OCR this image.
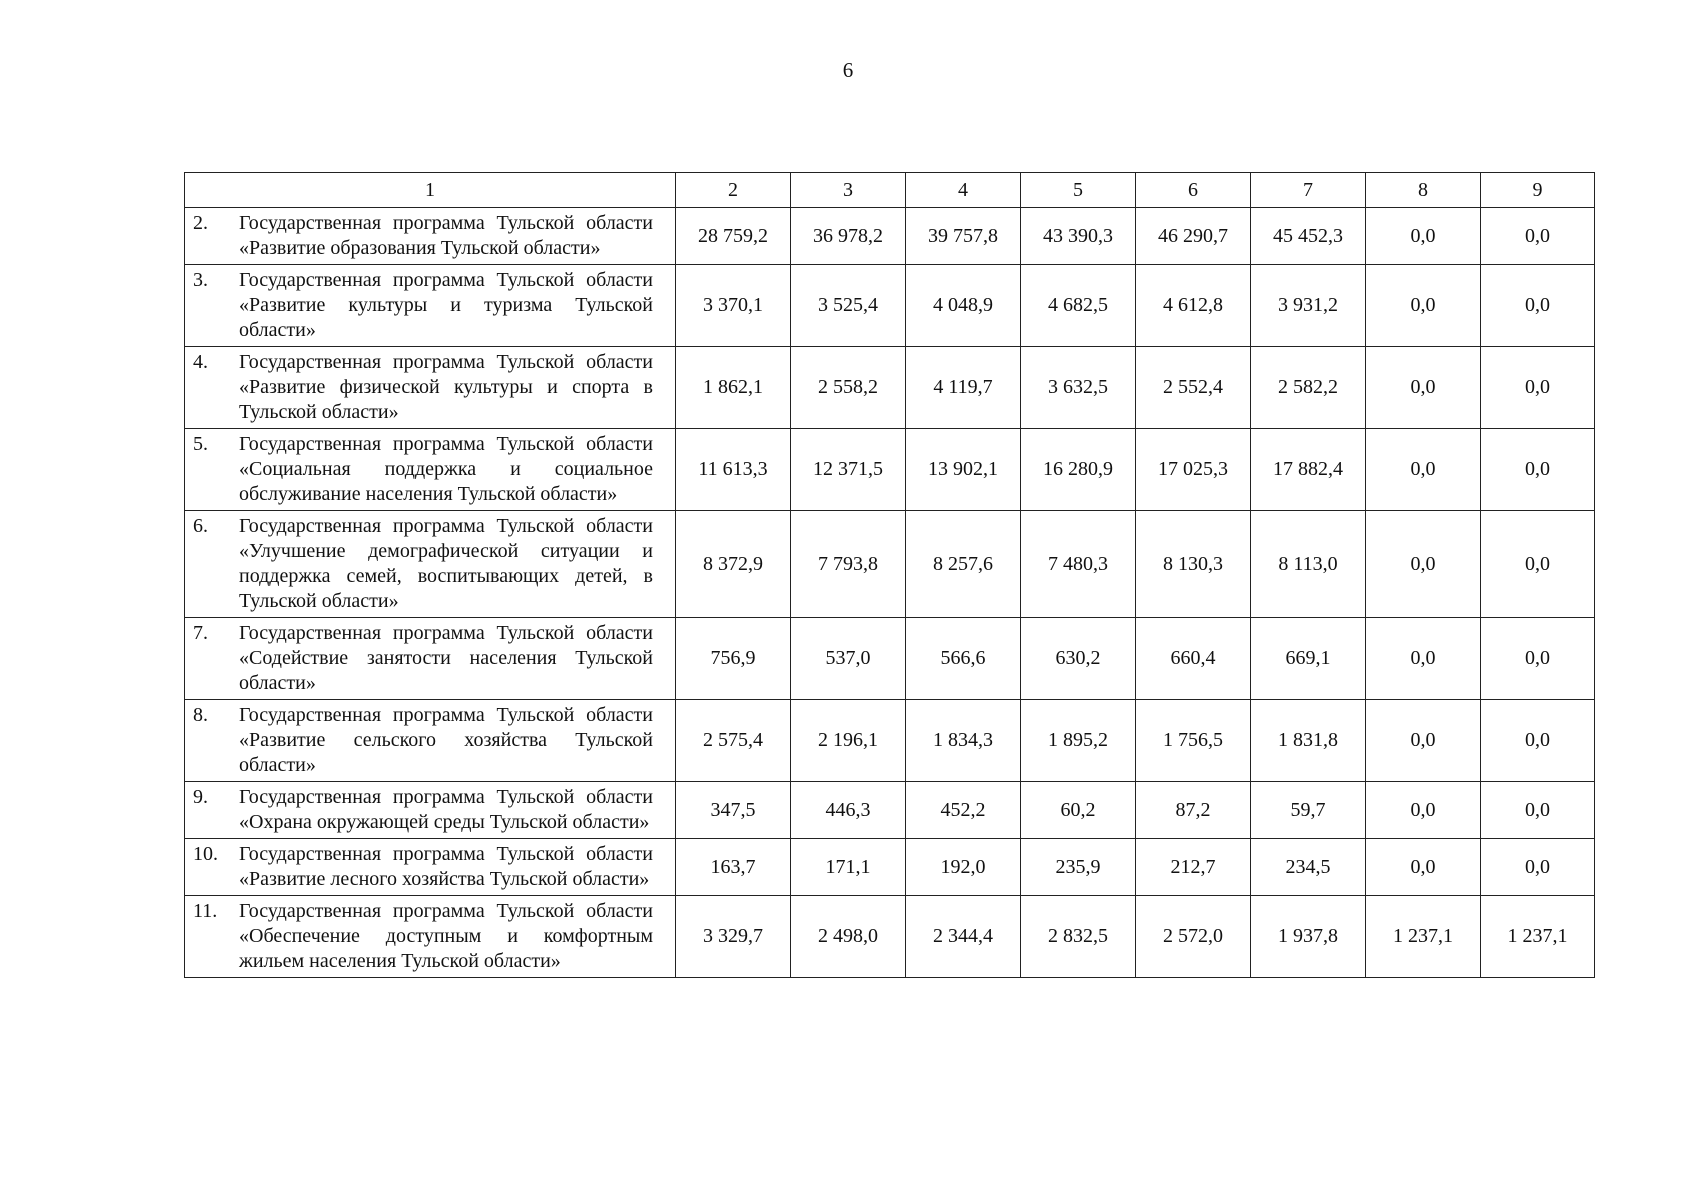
6
1	2	3	4	5	6	7	8	9

2. Государственная программа Тульской области «Развитие образования Тульской области»	28 759,2	36 978,2	39 757,8	43 390,3	46 290,7	45 452,3	0,0	0,0

3. Государственная программа Тульской области «Развитие культуры и туризма Тульской области»	3 370,1	3 525,4	4 048,9	4 682,5	4 612,8	3 931,2	0,0	0,0

4. Государственная программа Тульской области «Развитие физической культуры и спорта в Тульской области»	1 862,1	2 558,2	4 119,7	3 632,5	2 552,4	2 582,2	0,0	0,0

5. Государственная программа Тульской области «Социальная поддержка и социальное обслуживание населения Тульской области»	11 613,3	12 371,5	13 902,1	16 280,9	17 025,3	17 882,4	0,0	0,0

6. Государственная программа Тульской области «Улучшение демографической ситуации и поддержка семей, воспитывающих детей, в Тульской области»	8 372,9	7 793,8	8 257,6	7 480,3	8 130,3	8 113,0	0,0	0,0

7. Государственная программа Тульской области «Содействие занятости населения Тульской области»	756,9	537,0	566,6	630,2	660,4	669,1	0,0	0,0

8. Государственная программа Тульской области «Развитие сельского хозяйства Тульской области»	2 575,4	2 196,1	1 834,3	1 895,2	1 756,5	1 831,8	0,0	0,0

9. Государственная программа Тульской области «Охрана окружающей среды Тульской области»	347,5	446,3	452,2	60,2	87,2	59,7	0,0	0,0

10. Государственная программа Тульской области «Развитие лесного хозяйства Тульской области»	163,7	171,1	192,0	235,9	212,7	234,5	0,0	0,0

11. Государственная программа Тульской области «Обеспечение доступным и комфортным жильем населения Тульской области»	3 329,7	2 498,0	2 344,4	2 832,5	2 572,0	1 937,8	1 237,1	1 237,1
